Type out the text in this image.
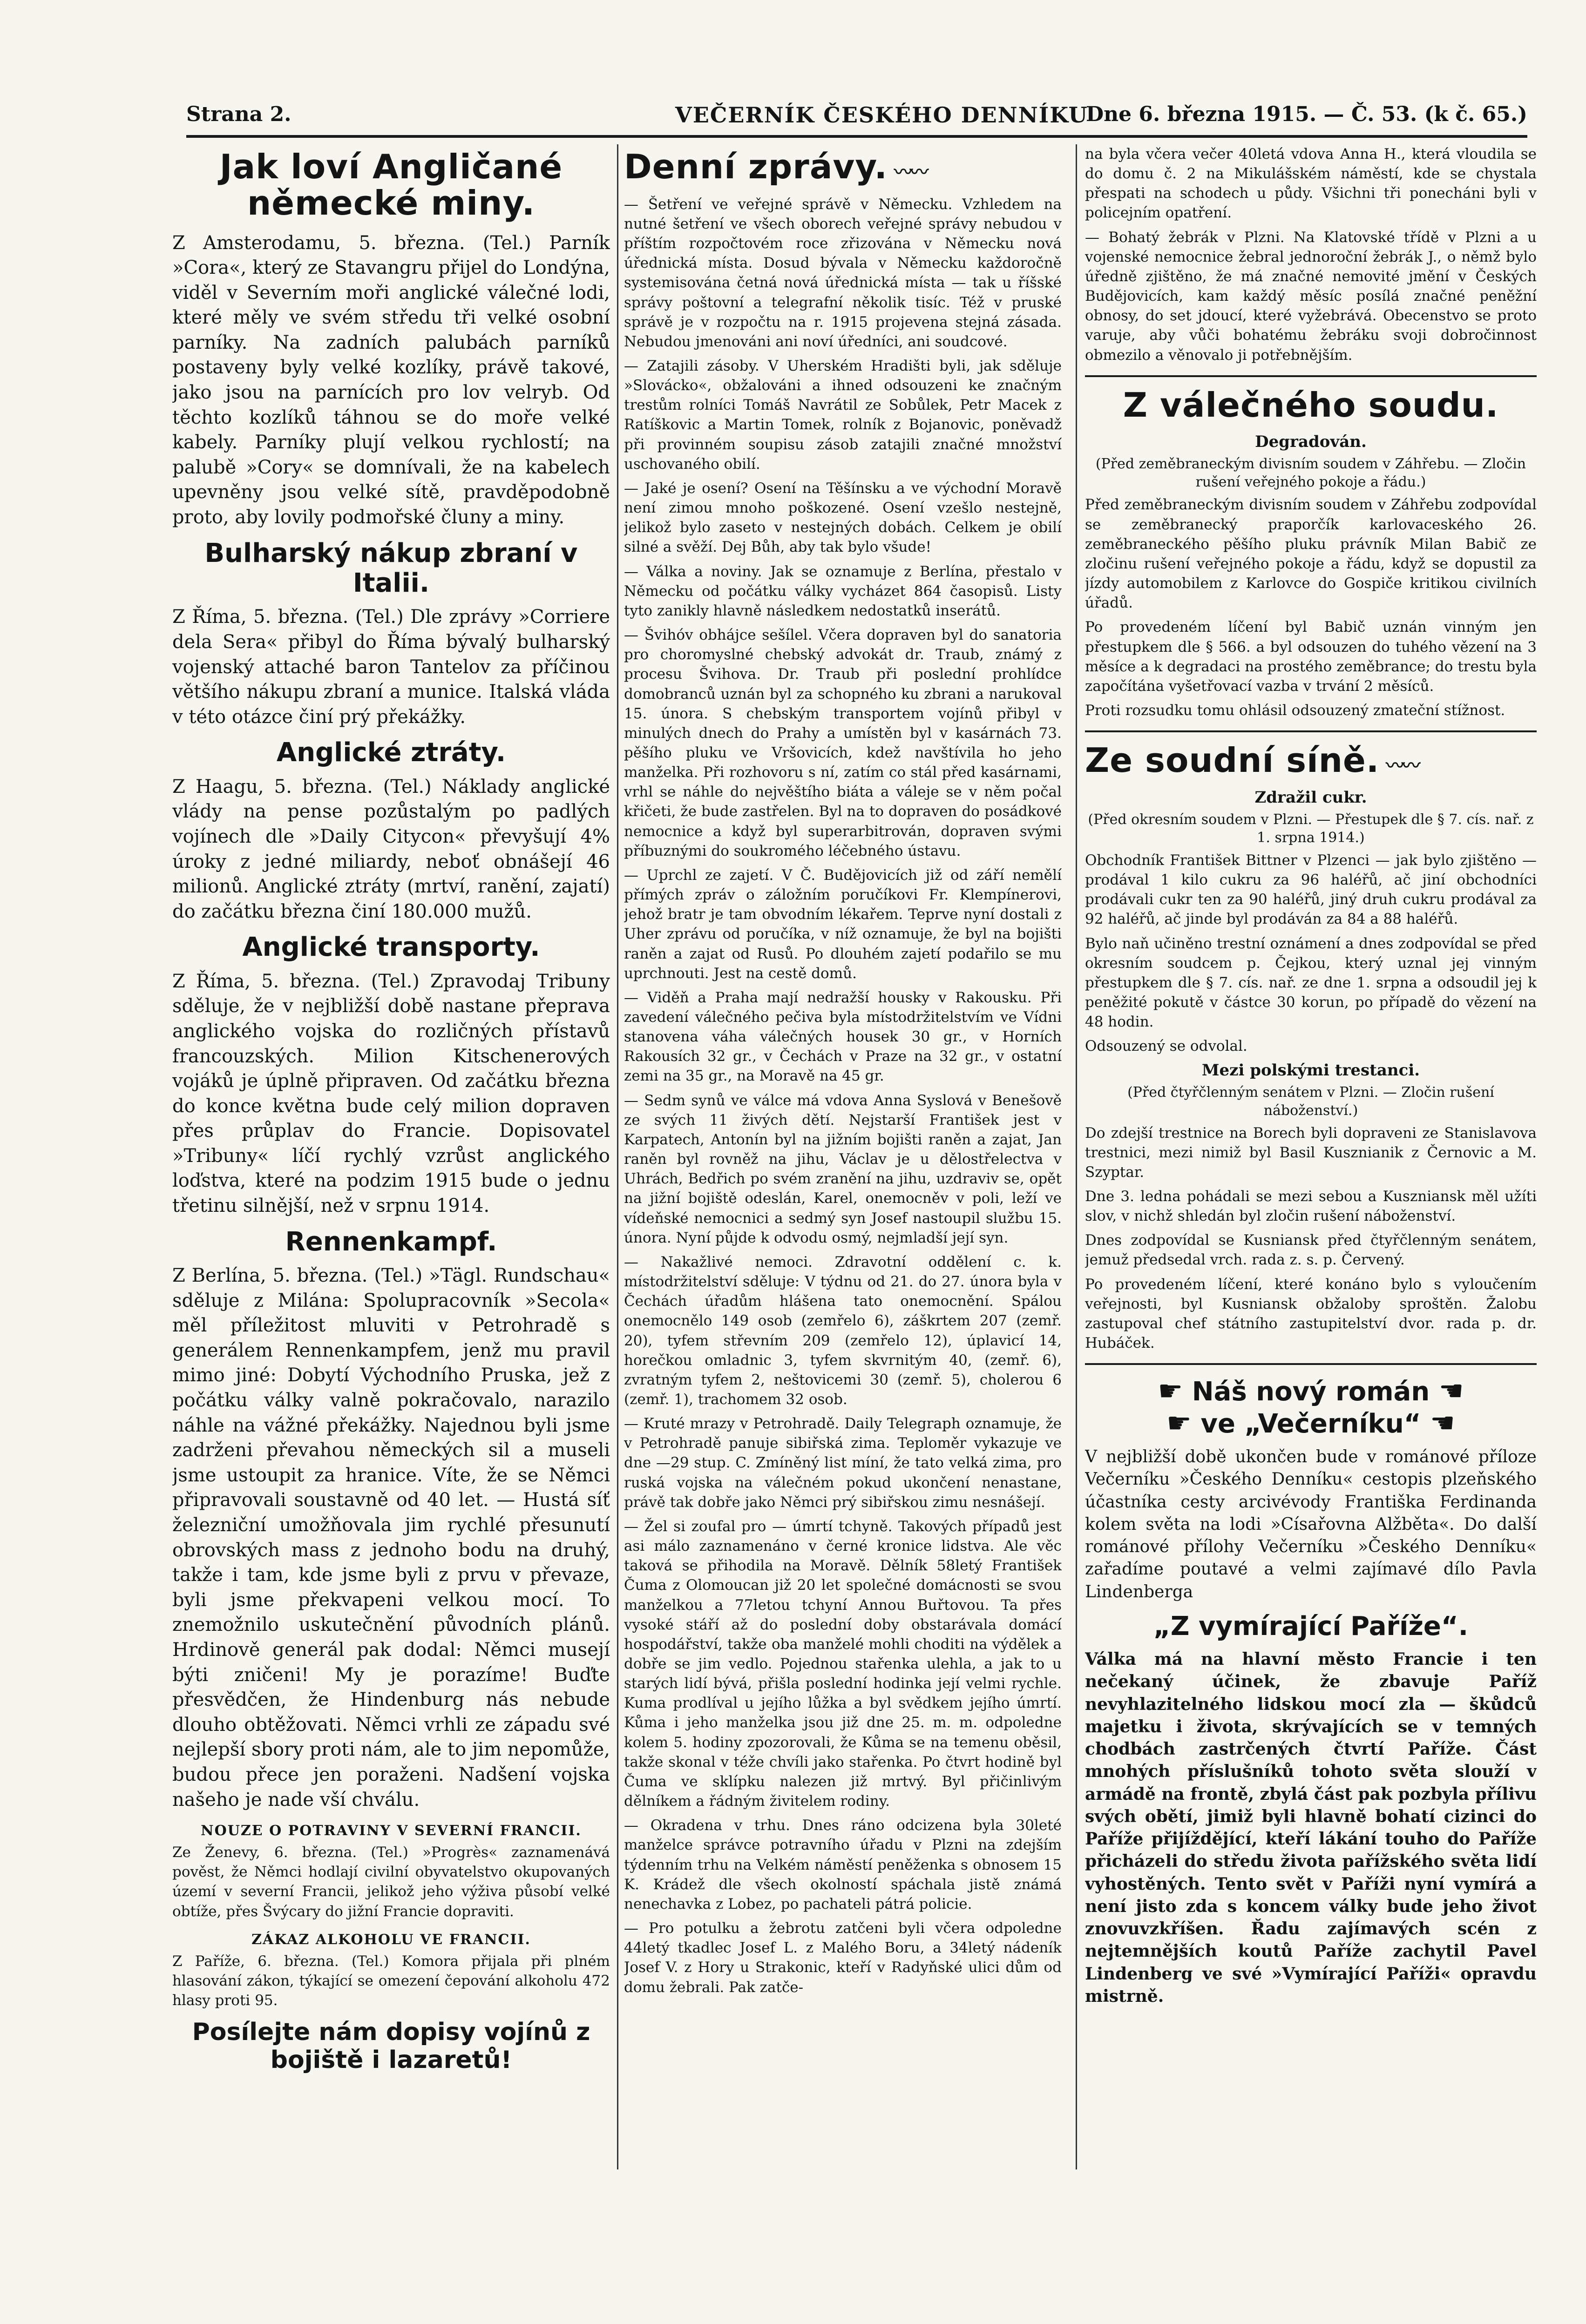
Strana 2.	VEČERNÍK ČESKÉHO DENNÍKU
Dne 6. března 1915. — Č. 53. (k č. 65.)
Jak loví Angličané německé miny.

Z Amsterodamu, 5. března. (Tel.) Parník »Cora«, který ze Stavangru přijel do Londýna, viděl v Severním moři anglické válečné lodi, které měly ve svém středu tři velké osobní parníky. Na zadních palubách parníků postaveny byly velké kozlíky, právě takové, jako jsou na parnících pro lov velryb. Od těchto kozlíků táhnou se do moře velké kabely. Parníky plují velkou rychlostí; na palubě »Cory« se domnívali, že na kabelech upevněny jsou velké sítě, pravděpodobně proto, aby lovily podmořské čluny a miny.

Bulharský nákup zbraní v Italii.

Z Říma, 5. března. (Tel.) Dle zprávy »Corriere dela Sera« přibyl do Říma bývalý bulharský vojenský attaché baron Tantelov za příčinou většího nákupu zbraní a munice. Italská vláda v této otázce činí prý překážky.

Anglické ztráty.

Z Haagu, 5. března. (Tel.) Náklady anglické vlády na pense pozůstalým po padlých vojínech dle »Daily Citycon« převyšují 4% úroky z jedné miliardy, neboť obnášejí 46 milionů. Anglické ztráty (mrtví, ranění, zajatí) do začátku března činí 180.000 mužů.

Anglické transporty.

Z Říma, 5. března. (Tel.) Zpravodaj Tribuny sděluje, že v nejbližší době nastane přeprava anglického vojska do rozličných přístavů francouzských. Milion Kitschenerových vojáků je úplně připraven. Od začátku března do konce května bude celý milion dopraven přes průplav do Francie. Dopisovatel »Tribuny« líčí rychlý vzrůst anglického loďstva, které na podzim 1915 bude o jednu třetinu silnější, než v srpnu 1914.

Rennenkampf.

Z Berlína, 5. března. (Tel.) »Tägl. Rundschau« sděluje z Milána: Spolupracovník »Secola« měl příležitost mluviti v Petrohradě s generálem Rennenkampfem, jenž mu pravil mimo jiné: Dobytí Východního Pruska, jež z počátku války valně pokračovalo, narazilo náhle na vážné překážky. Najednou byli jsme zadrženi převahou německých sil a museli jsme ustoupit za hranice. Víte, že se Němci připravovali soustavně od 40 let. — Hustá síť železniční umožňovala jim rychlé přesunutí obrovských mass z jednoho bodu na druhý, takže i tam, kde jsme byli z prvu v převaze, byli jsme překvapeni velkou mocí. To znemožnilo uskutečnění původních plánů. Hrdinově generál pak dodal: Němci musejí býti zničeni! My je porazíme! Buďte přesvědčen, že Hindenburg nás nebude dlouho obtěžovati. Němci vrhli ze západu své nejlepší sbory proti nám, ale to jim nepomůže, budou přece jen poraženi. Nadšení vojska našeho je nade vší chválu.

NOUZE O POTRAVINY V SEVERNÍ FRANCII.

Ze Ženevy, 6. března. (Tel.) »Progrès« zaznamenává pověst, že Němci hodlají civilní obyvatelstvo okupovaných území v severní Francii, jelikož jeho výživa působí velké obtíže, přes Švýcary do jižní Francie dopraviti.

ZÁKAZ ALKOHOLU VE FRANCII.

Z Paříže, 6. března. (Tel.) Komora přijala při plném hlasování zákon, týkající se omezení čepování alkoholu 472 hlasy proti 95.

Posílejte nám dopisy vojínů z bojiště i lazaretů!
Denní zprávy. 〰〰

— Šetření ve veřejné správě v Německu. Vzhledem na nutné šetření ve všech oborech veřejné správy nebudou v příštím rozpočtovém roce zřizována v Německu nová úřednická místa. Dosud bývala v Německu každoročně systemisována četná nová úřednická místa — tak u říšské správy poštovní a telegrafní několik tisíc. Též v pruské správě je v rozpočtu na r. 1915 projevena stejná zásada. Nebudou jmenováni ani noví úředníci, ani soudcové.

— Zatajili zásoby. V Uherském Hradišti byli, jak sděluje »Slovácko«, obžalováni a ihned odsouzeni ke značným trestům rolníci Tomáš Navrátil ze Sobůlek, Petr Macek z Ratíškovic a Martin Tomek, rolník z Bojanovic, poněvadž při provinném soupisu zásob zatajili značné množství uschovaného obilí.

— Jaké je osení? Osení na Těšínsku a ve východní Moravě není zimou mnoho poškozené. Osení vzešlo nestejně, jelikož bylo zaseto v nestejných dobách. Celkem je obilí silné a svěží. Dej Bůh, aby tak bylo všude!

— Válka a noviny. Jak se oznamuje z Berlína, přestalo v Německu od počátku války vycházet 864 časopisů. Listy tyto zanikly hlavně následkem nedostatků inserátů.

— Švihóv obhájce sešílel. Včera dopraven byl do sanatoria pro choromyslné chebský advokát dr. Traub, známý z procesu Švihova. Dr. Traub při poslední prohlídce domobranců uznán byl za schopného ku zbrani a narukoval 15. února. S chebským transportem vojínů přibyl v minulých dnech do Prahy a umístěn byl v kasárnách 73. pěšího pluku ve Vršovicích, kdež navštívila ho jeho manželka. Při rozhovoru s ní, zatím co stál před kasárnami, vrhl se náhle do nejvěštího biáta a váleje se v něm počal křičeti, že bude zastřelen. Byl na to dopraven do posádkové nemocnice a když byl superarbitrován, dopraven svými příbuznými do soukromého léčebného ústavu.

— Uprchl ze zajetí. V Č. Budějovicích již od září nemělí přímých zpráv o záložním poručíkovi Fr. Klempínerovi, jehož bratr je tam obvodním lékařem. Teprve nyní dostali z Uher zprávu od poručíka, v níž oznamuje, že byl na bojišti raněn a zajat od Rusů. Po dlouhém zajetí podařilo se mu uprchnouti. Jest na cestě domů.

— Viděň a Praha mají nedražší housky v Rakousku. Při zavedení válečného pečiva byla místodržitelstvím ve Vídni stanovena váha válečných housek 30 gr., v Horních Rakousích 32 gr., v Čechách v Praze na 32 gr., v ostatní zemi na 35 gr., na Moravě na 45 gr.

— Sedm synů ve válce má vdova Anna Syslová v Benešově ze svých 11 živých dětí. Nejstarší František jest v Karpatech, Antonín byl na jižním bojišti raněn a zajat, Jan raněn byl rovněž na jihu, Václav je u dělostřelectva v Uhrách, Bedřich po svém zranění na jihu, uzdraviv se, opět na jižní bojiště odeslán, Karel, onemocněv v poli, leží ve vídeňské nemocnici a sedmý syn Josef nastoupil službu 15. února. Nyní půjde k odvodu osmý, nejmladší její syn.

— Nakažlivé nemoci. Zdravotní oddělení c. k. místodržitelství sděluje: V týdnu od 21. do 27. února byla v Čechách úřadům hlášena tato onemocnění. Spálou onemocnělo 149 osob (zemřelo 6), záškrtem 207 (zemř. 20), tyfem střevním 209 (zemřelo 12), úplavicí 14, horečkou omladnic 3, tyfem skvrnitým 40, (zemř. 6), zvratným tyfem 2, neštovicemi 30 (zemř. 5), cholerou 6 (zemř. 1), trachomem 32 osob.

— Kruté mrazy v Petrohradě. Daily Telegraph oznamuje, že v Petrohradě panuje sibiřská zima. Teploměr vykazuje ve dne —29 stup. C. Zmíněný list míní, že tato velká zima, pro ruská vojska na válečném pokud ukončení nenastane, právě tak dobře jako Němci prý sibiřskou zimu nesnášejí.

— Žel si zoufal pro — úmrtí tchyně. Takových případů jest asi málo zaznamenáno v černé kronice lidstva. Ale věc taková se přihodila na Moravě. Dělník 58letý František Čuma z Olomoucan již 20 let společné domácnosti se svou manželkou a 77letou tchyní Annou Buřtovou. Ta přes vysoké stáří až do poslední doby obstarávala domácí hospodářství, takže oba manželé mohli choditi na výdělek a dobře se jim vedlo. Pojednou stařenka ulehla, a jak to u starých lidí bývá, přišla poslední hodinka její velmi rychle. Kuma prodlíval u jejího lůžka a byl svědkem jejího úmrtí. Kůma i jeho manželka jsou již dne 25. m. m. odpoledne kolem 5. hodiny zpozorovali, že Kůma se na temenu oběsil, takže skonal v téže chvíli jako stařenka. Po čtvrt hodině byl Čuma ve sklípku nalezen již mrtvý. Byl přičinlivým dělníkem a řádným živitelem rodiny.

— Okradena v trhu. Dnes ráno odcizena byla 30leté manželce správce potravního úřadu v Plzni na zdejším týdenním trhu na Velkém náměstí peněženka s obnosem 15 K. Krádež dle všech okolností spáchala jistě známá nenechavka z Lobez, po pachateli pátrá policie.

— Pro potulku a žebrotu zatčeni byli včera odpoledne 44letý tkadlec Josef L. z Malého Boru, a 34letý nádeník Josef V. z Hory u Strakonic, kteří v Radyňské ulici dům od domu žebrali. Pak zatče-

na byla včera večer 40letá vdova Anna H., která vloudila se do domu č. 2 na Mikulášském náměstí, kde se chystala přespati na schodech u půdy. Všichni tři ponecháni byli v policejním opatření.

— Bohatý žebrák v Plzni. Na Klatovské třídě v Plzni a u vojenské nemocnice žebral jednoroční žebrák J., o němž bylo úředně zjištěno, že má značné nemovité jmění v Českých Budějovicích, kam každý měsíc posílá značné peněžní obnosy, do set jdoucí, které vyžebrává. Obecenstvo se proto varuje, aby vůči bohatému žebráku svoji dobročinnost obmezilo a věnovalo ji potřebnějším.

Z válečného soudu.
Degradován.

(Před zeměbraneckým divisním soudem v Záhřebu. — Zločin rušení veřejného pokoje a řádu.)

Před zeměbraneckým divisním soudem v Záhřebu zodpovídal se zeměbranecký praporčík karlovaceského 26. zeměbraneckého pěšího pluku právník Milan Babič ze zločinu rušení veřejného pokoje a řádu, když se dopustil za jízdy automobilem z Karlovce do Gospiče kritikou civilních úřadů.

Po provedeném líčení byl Babič uznán vinným jen přestupkem dle § 566. a byl odsouzen do tuhého vězení na 3 měsíce a k degradaci na prostého zeměbrance; do trestu byla započítána vyšetřovací vazba v trvání 2 měsíců.

Proti rozsudku tomu ohlásil odsouzený zmateční stížnost.

Ze soudní síně. 〰〰
Zdražil cukr.

(Před okresním soudem v Plzni. — Přestupek dle § 7. cís. nař. z 1. srpna 1914.)

Obchodník František Bittner v Plzenci — jak bylo zjištěno — prodával 1 kilo cukru za 96 haléřů, ač jiní obchodníci prodávali cukr ten za 90 haléřů, jiný druh cukru prodával za 92 haléřů, ač jinde byl prodáván za 84 a 88 haléřů.

Bylo naň učiněno trestní oznámení a dnes zodpovídal se před okresním soudcem p. Čejkou, který uznal jej vinným přestupkem dle § 7. cís. nař. ze dne 1. srpna a odsoudil jej k peněžité pokutě v částce 30 korun, po případě do vězení na 48 hodin.

Odsouzený se odvolal.

Mezi polskými trestanci.

(Před čtyřčlenným senátem v Plzni. — Zločin rušení náboženství.)

Do zdejší trestnice na Borech byli dopraveni ze Stanislavova trestnici, mezi nimiž byl Basil Kusznianik z Černovic a M. Szyptar.

Dne 3. ledna pohádali se mezi sebou a Kuszniansk měl užíti slov, v nichž shledán byl zločin rušení náboženství.

Dnes zodpovídal se Kusniansk před čtyřčlenným senátem, jemuž předsedal vrch. rada z. s. p. Červený.

Po provedeném líčení, které konáno bylo s vyloučením veřejnosti, byl Kusniansk obžaloby sproštěn. Žalobu zastupoval chef státního zastupitelství dvor. rada p. dr. Hubáček.

☛ Náš nový román ☚
☛ ve „Večerníku“ ☚

V nejbližší době ukončen bude v románové příloze Večerníku »Českého Denníku« cestopis plzeňského účastníka cesty arcivévody Františka Ferdinanda kolem světa na lodi »Císařovna Alžběta«. Do další románové přílohy Večerníku »Českého Denníku« zařadíme poutavé a velmi zajímavé dílo Pavla Lindenberga

„Z vymírající Paříže“.

Válka má na hlavní město Francie i ten nečekaný účinek, že zbavuje Paříž nevyhlazitelného lidskou mocí zla — škůdců majetku i života, skrývajících se v temných chodbách zastrčených čtvrtí Paříže. Část mnohých příslušníků tohoto světa slouží v armádě na frontě, zbylá část pak pozbyla přílivu svých obětí, jimiž byli hlavně bohatí cizinci do Paříže přijíždějící, kteří lákání touho do Paříže přicházeli do středu života pařížského světa lidí vyhostěných. Tento svět v Paříži nyní vymírá a není jisto zda s koncem války bude jeho život znovuvzkříšen. Řadu zajímavých scén z nejtemnějších koutů Paříže zachytil Pavel Lindenberg ve své »Vymírající Paříži« opravdu mistrně.
